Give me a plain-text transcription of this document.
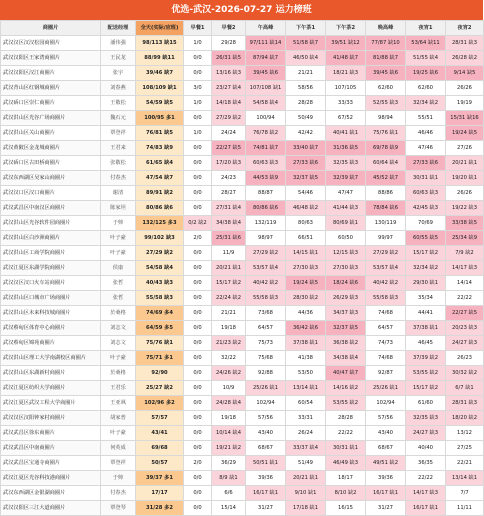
优选-武汉-2026-07-27 运力榜班
商圈片	配送经理	全天(实际/应班)	早餐1	早餐2	午高峰	下午茶1	下午茶2	晚高峰	夜宵1	夜宵2
武汉汉区汉汉松园商圈片	潘伟强	98/113 缺15	1/0	29/28	97/111 缺14	51/58 缺7	39/51 缺12	77/87 缺10	53/64 缺11	28/31 缺3
武汉汉阳区王家湾商圈片	王民龙	88/99 缺11	0/0	26/31 缺5	87/94 缺7	46/50 缺4	41/48 缺7	81/88 缺7	51/55 缺4	26/28 缺2
武汉汉阳区汉江商圈片	张宇	39/46 缺7	0/0	13/16 缺3	39/45 缺6	21/21	18/21 缺3	39/45 缺6	19/25 缺6	9/14 缺5
武汉青山区红钢城商圈片	刘春燕	108/109 缺1	3/0	23/27 缺4	107/108 缺1	58/56	107/105	62/60	62/60	26/26
武汉硚口区崇仁商圈片	王敬松	54/59 缺5	1/0	14/18 缺4	54/58 缺4	28/28	33/33	52/55 缺3	32/34 缺2	19/19
武汉洪山区光谷广场商圈片	魏石元	100/95 多1	0/0	27/29 缺2	100/94	50/49	67/52	98/94	55/51	15/31 缺16
武汉洪山区关山商圈片	覃登祥	76/81 缺5	1/0	24/24	76/78 缺2	42/42	40/41 缺1	75/76 缺1	46/46	19/24 缺5
武汉黄陂区金龙城商圈片	王君来	74/83 缺9	0/0	22/27 缺5	74/81 缺7	33/40 缺7	31/36 缺5	69/78 缺9	47/46	27/26
武汉硚口区古田桥商圈片	张敬松	61/65 缺4	0/0	17/20 缺3	60/63 缺3	27/33 缺6	32/35 缺3	60/64 缺4	27/33 缺6	20/21 缺1
武汉东西湖区吴家山商圈片	付春杰	47/54 缺7	0/0	24/23	44/53 缺9	32/37 缺5	32/39 缺7	45/52 缺7	30/31 缺1	19/20 缺1
武汉汉口区汉口商圈片	谢清	89/91 缺2	0/0	28/27	88/87	54/46	47/47	88/86	60/63 缺3	26/26
武汉武昌区中南汉区商圈片	陈家坦	80/86 缺6	0/0	27/31 缺4	80/86 缺6	46/48 缺2	41/44 缺3	78/84 缺6	42/45 缺3	19/22 缺3
武汉洪山区光谷软件园商圈片	于帅	132/125 多3	0/2 缺2	34/38 缺4	132/119	80/63	80/69 缺1	130/119	70/69	33/38 缺5
武汉洪山区白沙洲商圈片	叶子豪	99/102 缺3	2/0	25/31 缺6	98/97	66/51	60/50	99/97	60/55 缺5	25/34 缺9
武汉洪山区工商学院商圈片	叶子豪	27/29 缺2	0/0	11/9	27/29 缺2	14/15 缺1	12/15 缺3	27/29 缺2	15/17 缺2	7/9 缺2
武汉江夏区东湖学院商圈片	侯康	54/58 缺4	0/0	20/21 缺1	53/57 缺4	27/30 缺3	27/30 缺3	53/57 缺4	32/34 缺2	14/17 缺3
武汉汉区汉口火车站商圈片	张哲	40/43 缺3	0/0	15/17 缺2	40/42 缺2	19/24 缺5	18/24 缺6	40/42 缺2	29/30 缺1	14/14
武汉洪山区口城市广场商圈片	张哲	55/58 缺3	0/0	22/24 缺2	55/58 缺3	28/30 缺2	26/29 缺3	55/58 缺3	35/34	22/22
武汉洪山区未来科技城商圈片	於桑格	74/69 多4	0/0	21/21	73/68	44/36	34/37 缺3	74/68	44/41	22/27 缺5
武汉蔡甸区体育中心商圈片	刘志文	64/59 多5	0/0	19/18	64/57	36/42 缺6	32/37 缺5	64/57	37/38 缺1	20/23 缺3
武汉蔡甸区锦苑商圈片	刘志文	75/76 缺1	0/0	21/23 缺2	75/73	37/38 缺1	36/38 缺2	74/73	46/45	24/27 缺3
武汉洪山区理工大学南湖校区商圈片	叶子豪	75/71 多1	0/0	32/22	75/68	41/38	34/38 缺4	74/68	37/39 缺2	26/23
武汉洪山区东湖新村商圈片	於桑格	92/90	0/0	24/26 缺2	92/88	53/50	40/47 缺7	92/87	53/55 缺2	30/32 缺2
武汉江夏区纺织大学商圈片	王君乐	25/27 缺2	0/0	10/9	25/26 缺1	13/14 缺1	14/16 缺2	25/26 缺1	15/17 缺2	6/7 缺1
武汉江夏区武汉工程大学商圈片	王亚飒	102/96 多2	0/0	24/28 缺4	102/94	60/54	53/55 缺2	102/94	61/60	28/31 缺3
武汉汉区汉阳钟家村商圈片	胡家普	57/57	0/0	19/18	57/56	33/31	28/28	57/56	32/35 缺3	18/20 缺2
武汉武昌区徐东商圈片	叶子豪	43/41	0/0	10/14 缺4	43/40	26/24	22/22	43/40	24/27 缺3	13/12
武汉武昌区中南商圈片	何英成	69/68	0/0	19/21 缺2	68/67	33/37 缺4	30/31 缺1	68/67	40/40	27/25
武汉武昌区宝通寺商圈片	覃登祥	50/57	2/0	36/29	50/51 缺1	51/49	46/49 缺3	49/51 缺2	36/35	22/21
武汉江夏区光谷科技港商圈片	于帅	39/37 多1	0/0	8/9 缺1	39/36	20/21 缺1	18/17	39/36	22/22	13/14 缺1
武汉东西湖区金银湖商圈片	付春杰	17/17	0/0	6/6	16/17 缺1	9/10 缺1	8/10 缺2	16/17 缺1	14/17 缺3	7/7
武汉汉阳区三江大道商圈片	覃登琴	31/28 多2	0/0	15/14	31/27	17/18 缺1	16/15	31/27	16/17 缺1	11/11
